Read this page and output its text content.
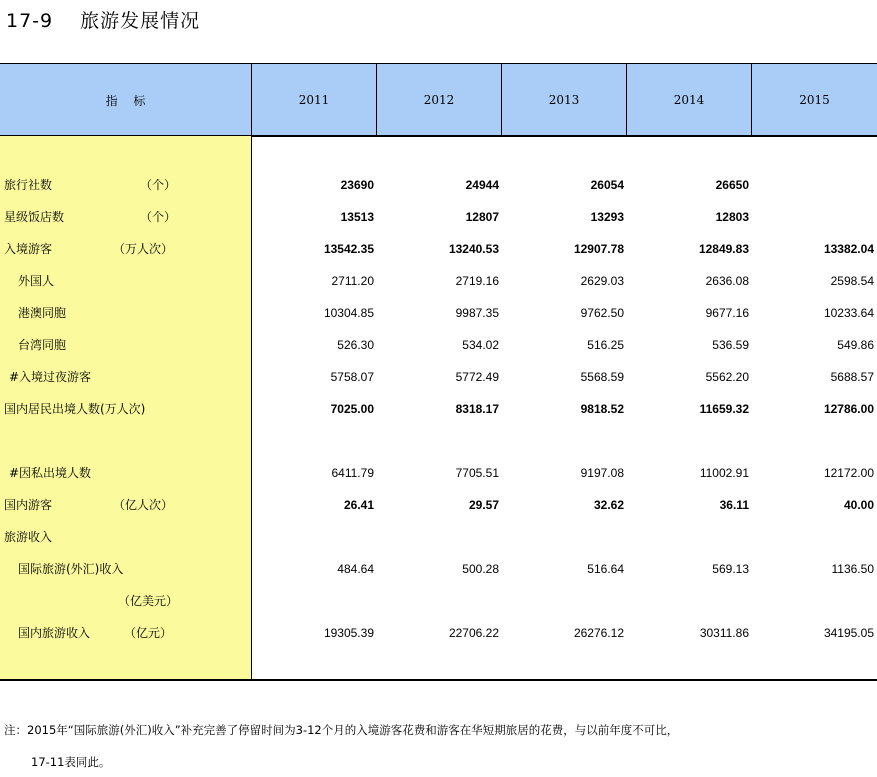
17-9 旅游发展情况
指　 标	2011	2012	2013	2014	2015
旅行社数	（个）	23690	24944	26054	26650
星级饭店数	（个）	13513	12807	13293	12803
入境游客	（万人次）	13542.35	13240.53	12907.78	12849.83	13382.04
外国人	2711.20	2719.16	2629.03	2636.08	2598.54
港澳同胞	10304.85	9987.35	9762.50	9677.16	10233.64
台湾同胞	526.30	534.02	516.25	536.59	549.86
#入境过夜游客	5758.07	5772.49	5568.59	5562.20	5688.57
国内居民出境人数(万人次)	7025.00	8318.17	9818.52	11659.32	12786.00
#因私出境人数	6411.79	7705.51	9197.08	11002.91	12172.00
国内游客	（亿人次）	26.41	29.57	32.62	36.11	40.00
旅游收入
国际旅游(外汇)收入	484.64	500.28	516.64	569.13	1136.50
（亿美元）
国内旅游收入	（亿元）	19305.39	22706.22	26276.12	30311.86	34195.05
注：2015年“国际旅游(外汇)收入”补充完善了停留时间为3-12个月的入境游客花费和游客在华短期旅居的花费，与以前年度不可比，
17-11表同此。
